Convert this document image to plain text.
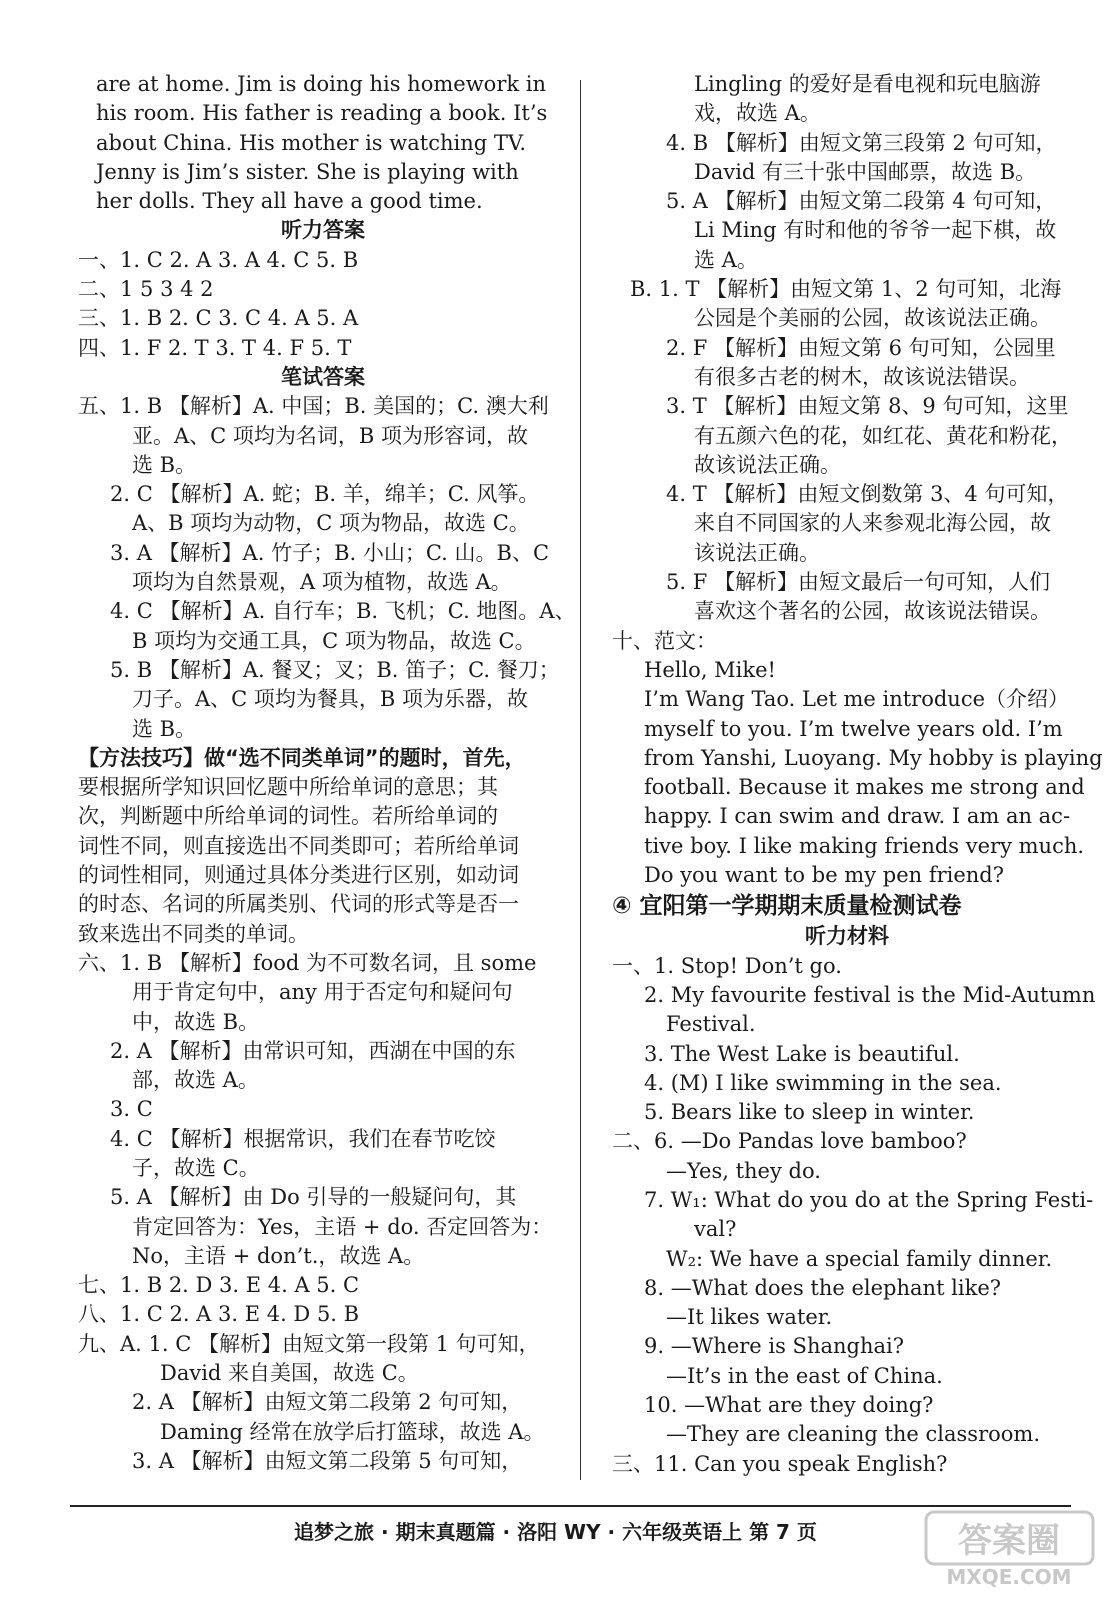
are at home. Jim is doing his homework in
his room. His father is reading a book. It’s
about China. His mother is watching TV.
Jenny is Jim’s sister. She is playing with
her dolls. They all have a good time.
听力答案
一、1. C 2. A 3. A 4. C 5. B
二、1 5 3 4 2
三、1. B 2. C 3. C 4. A 5. A
四、1. F 2. T 3. T 4. F 5. T
笔试答案
五、1. B 【解析】A. 中国；B. 美国的；C. 澳大利
亚。A、C 项均为名词，B 项为形容词，故
选 B。
2. C 【解析】A. 蛇；B. 羊，绵羊；C. 风筝。
A、B 项均为动物，C 项为物品，故选 C。
3. A 【解析】A. 竹子；B. 小山；C. 山。B、C
项均为自然景观，A 项为植物，故选 A。
4. C 【解析】A. 自行车；B. 飞机；C. 地图。A、
B 项均为交通工具，C 项为物品，故选 C。
5. B 【解析】A. 餐叉；叉；B. 笛子；C. 餐刀；
刀子。A、C 项均为餐具，B 项为乐器，故
选 B。
【方法技巧】做“选不同类单词”的题时，首先，
要根据所学知识回忆题中所给单词的意思；其
次，判断题中所给单词的词性。若所给单词的
词性不同，则直接选出不同类即可；若所给单词
的词性相同，则通过具体分类进行区别，如动词
的时态、名词的所属类别、代词的形式等是否一
致来选出不同类的单词。
六、1. B 【解析】food 为不可数名词，且 some
用于肯定句中，any 用于否定句和疑问句
中，故选 B。
2. A 【解析】由常识可知，西湖在中国的东
部，故选 A。
3. C
4. C 【解析】根据常识，我们在春节吃饺
子，故选 C。
5. A 【解析】由 Do 引导的一般疑问句，其
肯定回答为：Yes，主语 + do. 否定回答为：
No，主语 + don’t.，故选 A。
七、1. B 2. D 3. E 4. A 5. C
八、1. C 2. A 3. E 4. D 5. B
九、A. 1. C 【解析】由短文第一段第 1 句可知，
David 来自美国，故选 C。
2. A 【解析】由短文第二段第 2 句可知，
Daming 经常在放学后打篮球，故选 A。
3. A 【解析】由短文第二段第 5 句可知，
Lingling 的爱好是看电视和玩电脑游
戏，故选 A。
4. B 【解析】由短文第三段第 2 句可知，
David 有三十张中国邮票，故选 B。
5. A 【解析】由短文第二段第 4 句可知，
Li Ming 有时和他的爷爷一起下棋，故
选 A。
B. 1. T 【解析】由短文第 1、2 句可知，北海
公园是个美丽的公园，故该说法正确。
2. F 【解析】由短文第 6 句可知，公园里
有很多古老的树木，故该说法错误。
3. T 【解析】由短文第 8、9 句可知，这里
有五颜六色的花，如红花、黄花和粉花，
故该说法正确。
4. T 【解析】由短文倒数第 3、4 句可知，
来自不同国家的人来参观北海公园，故
该说法正确。
5. F 【解析】由短文最后一句可知，人们
喜欢这个著名的公园，故该说法错误。
十、范文：
Hello, Mike!
I’m Wang Tao. Let me introduce（介绍）
myself to you. I’m twelve years old. I’m
from Yanshi, Luoyang. My hobby is playing
football. Because it makes me strong and
happy. I can swim and draw. I am an ac-
tive boy. I like making friends very much.
Do you want to be my pen friend?
④ 宜阳第一学期期末质量检测试卷
听力材料
一、1. Stop! Don’t go.
2. My favourite festival is the Mid-Autumn
Festival.
3. The West Lake is beautiful.
4. (M) I like swimming in the sea.
5. Bears like to sleep in winter.
二、6. —Do Pandas love bamboo?
—Yes, they do.
7. W₁: What do you do at the Spring Festi-
val?
W₂: We have a special family dinner.
8. —What does the elephant like?
—It likes water.
9. —Where is Shanghai?
—It’s in the east of China.
10. —What are they doing?
—They are cleaning the classroom.
三、11. Can you speak English?
追梦之旅 · 期末真题篇 · 洛阳 WY · 六年级英语上 第 7 页	答案圈
MXQE.COM
